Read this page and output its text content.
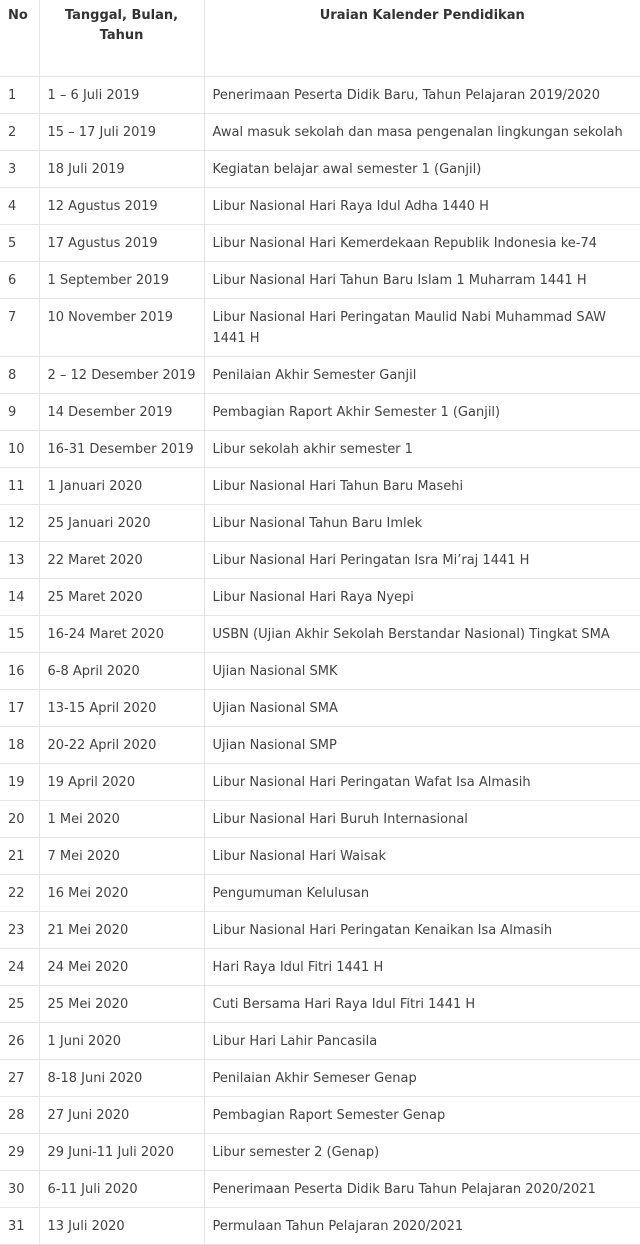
No	Tanggal, Bulan, Tahun	Uraian Kalender Pendidikan
1	1 – 6 Juli 2019	Penerimaan Peserta Didik Baru, Tahun Pelajaran 2019/2020
2	15 – 17 Juli 2019	Awal masuk sekolah dan masa pengenalan lingkungan sekolah
3	18 Juli 2019	Kegiatan belajar awal semester 1 (Ganjil)
4	12 Agustus 2019	Libur Nasional Hari Raya Idul Adha 1440 H
5	17 Agustus 2019	Libur Nasional Hari Kemerdekaan Republik Indonesia ke-74
6	1 September 2019	Libur Nasional Hari Tahun Baru Islam 1 Muharram 1441 H
7	10 November 2019	Libur Nasional Hari Peringatan Maulid Nabi Muhammad SAW 1441 H
8	2 – 12 Desember 2019	Penilaian Akhir Semester Ganjil
9	14 Desember 2019	Pembagian Raport Akhir Semester 1 (Ganjil)
10	16-31 Desember 2019	Libur sekolah akhir semester 1
11	1 Januari 2020	Libur Nasional Hari Tahun Baru Masehi
12	25 Januari 2020	Libur Nasional Tahun Baru Imlek
13	22 Maret 2020	Libur Nasional Hari Peringatan Isra Mi’raj 1441 H
14	25 Maret 2020	Libur Nasional Hari Raya Nyepi
15	16-24 Maret 2020	USBN (Ujian Akhir Sekolah Berstandar Nasional) Tingkat SMA
16	6-8 April 2020	Ujian Nasional SMK
17	13-15 April 2020	Ujian Nasional SMA
18	20-22 April 2020	Ujian Nasional SMP
19	19 April 2020	Libur Nasional Hari Peringatan Wafat Isa Almasih
20	1 Mei 2020	Libur Nasional Hari Buruh Internasional
21	7 Mei 2020	Libur Nasional Hari Waisak
22	16 Mei 2020	Pengumuman Kelulusan
23	21 Mei 2020	Libur Nasional Hari Peringatan Kenaikan Isa Almasih
24	24 Mei 2020	Hari Raya Idul Fitri 1441 H
25	25 Mei 2020	Cuti Bersama Hari Raya Idul Fitri 1441 H
26	1 Juni 2020	Libur Hari Lahir Pancasila
27	8-18 Juni 2020	Penilaian Akhir Semeser Genap
28	27 Juni 2020	Pembagian Raport Semester Genap
29	29 Juni-11 Juli 2020	Libur semester 2 (Genap)
30	6-11 Juli 2020	Penerimaan Peserta Didik Baru Tahun Pelajaran 2020/2021
31	13 Juli 2020	Permulaan Tahun Pelajaran 2020/2021
